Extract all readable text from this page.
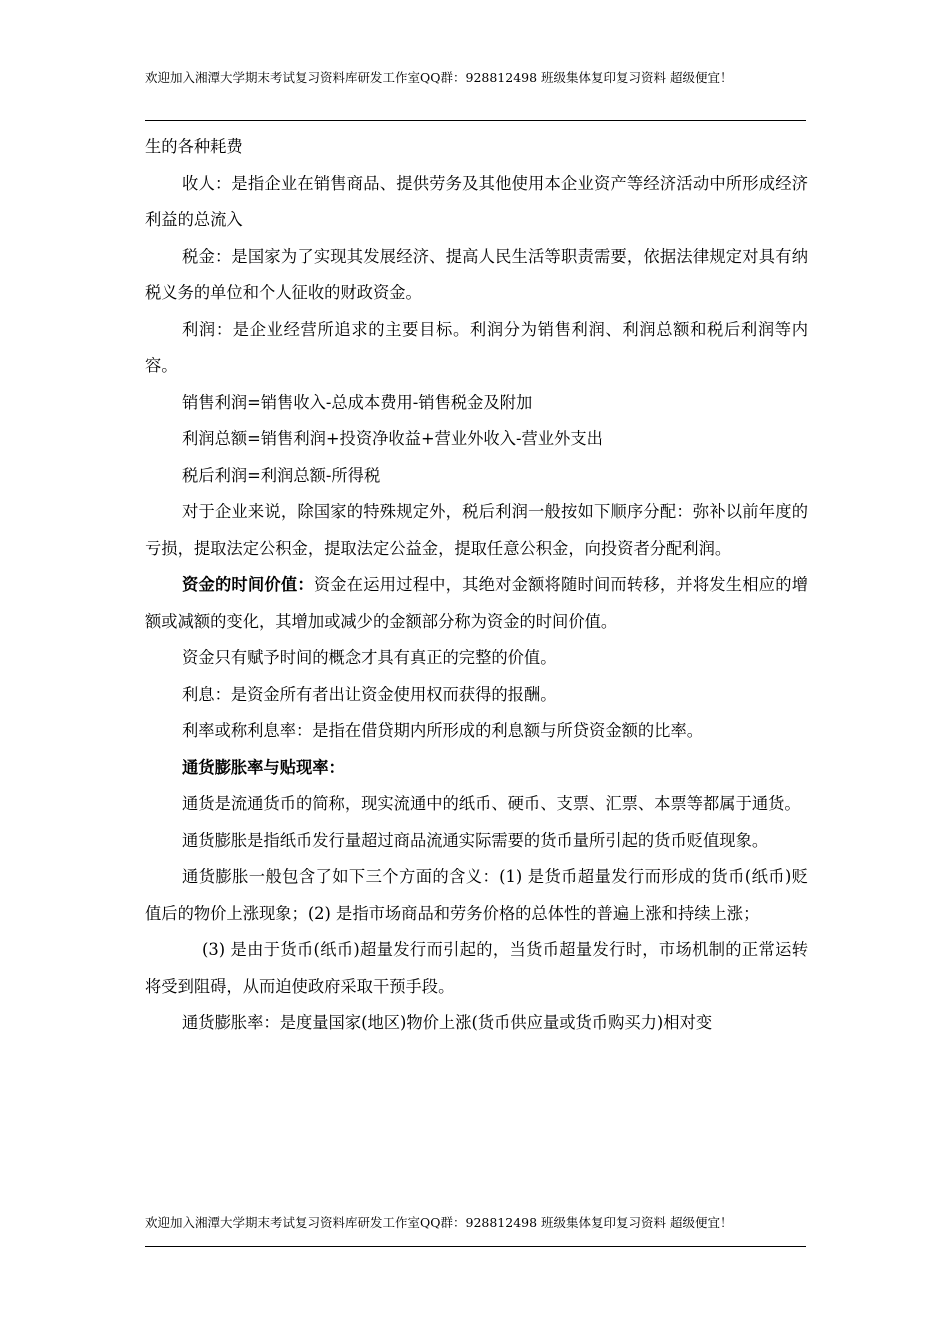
欢迎加入湘潭大学期末考试复习资料库研发工作室QQ群：928812498 班级集体复印复习资料 超级便宜！

生的各种耗费

收人：是指企业在销售商品、提供劳务及其他使用本企业资产等经济活动中所形成经济利益的总流入

税金：是国家为了实现其发展经济、提高人民生活等职责需要，依据法律规定对具有纳税义务的单位和个人征收的财政资金。

利润：是企业经营所追求的主要目标。利润分为销售利润、利润总额和税后利润等内容。

销售利润=销售收入-总成本费用-销售税金及附加

利润总额=销售利润+投资净收益+营业外收入-营业外支出

税后利润=利润总额-所得税

对于企业来说，除国家的特殊规定外，税后利润一般按如下顺序分配：弥补以前年度的亏损，提取法定公积金，提取法定公益金，提取任意公积金，向投资者分配利润。

资金的时间价值：资金在运用过程中，其绝对金额将随时间而转移，并将发生相应的增额或减额的变化，其增加或减少的金额部分称为资金的时间价值。

资金只有赋予时间的概念才具有真正的完整的价值。

利息：是资金所有者出让资金使用权而获得的报酬。

利率或称利息率：是指在借贷期内所形成的利息额与所贷资金额的比率。

通货膨胀率与贴现率：

通货是流通货币的简称，现实流通中的纸币、硬币、支票、汇票、本票等都属于通货。

通货膨胀是指纸币发行量超过商品流通实际需要的货币量所引起的货币贬值现象。

通货膨胀一般包含了如下三个方面的含义：(1) 是货币超量发行而形成的货币(纸币)贬值后的物价上涨现象；(2) 是指市场商品和劳务价格的总体性的普遍上涨和持续上涨；

(3) 是由于货币(纸币)超量发行而引起的，当货币超量发行时，市场机制的正常运转将受到阻碍，从而迫使政府采取干预手段。

通货膨胀率：是度量国家(地区)物价上涨(货币供应量或货币购买力)相对变

欢迎加入湘潭大学期末考试复习资料库研发工作室QQ群：928812498 班级集体复印复习资料 超级便宜！
